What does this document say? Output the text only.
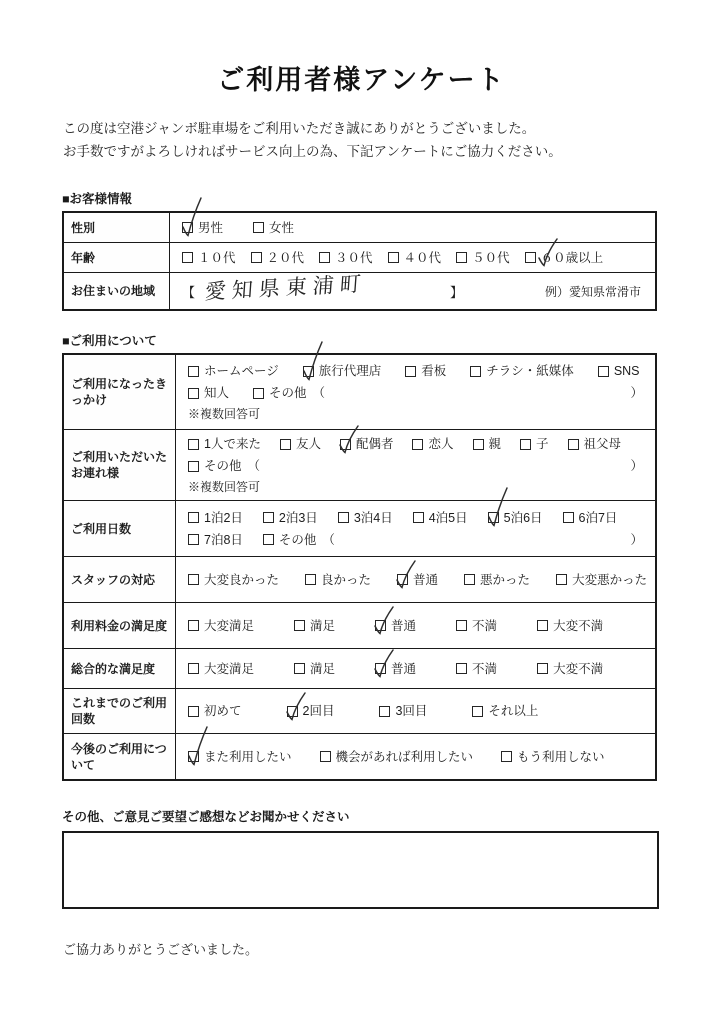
ご利用者様アンケート

この度は空港ジャンボ駐車場をご利用いただき誠にありがとうございました。

お手数ですがよろしければサービス向上の為、下記アンケートにご協力ください。

■お客様情報
性別	男性	女性
年齢	１０代 ２０代 ３０代 ４０代 ５０代 ６０歳以上
お住まいの地域 【 愛知県東浦町	】	例）愛知県常滑市
■ご利用について
ご利用になったきっかけ
ホームページ	旅行代理店	看板	チラシ・紙媒体	SNS
知人	その他 （	）
※複数回答可
ご利用いただいたお連れ様
1人で来た	友人	配偶者	恋人	親	子	祖父母
その他 （	）
※複数回答可
ご利用日数
1泊2日	2泊3日	3泊4日	4泊5日	5泊6日	6泊7日
7泊8日	その他 （	）
スタッフの対応	大変良かった	良かった	普通	悪かった	大変悪かった
利用料金の満足度	大変満足	満足	普通	不満	大変不満
総合的な満足度	大変満足	満足	普通	不満	大変不満
これまでのご利用回数
初めて	2回目	3回目	それ以上
今後のご利用について
また利用したい	機会があれば利用したい	もう利用しない
その他、ご意見ご要望ご感想などお聞かせください

ご協力ありがとうございました。
